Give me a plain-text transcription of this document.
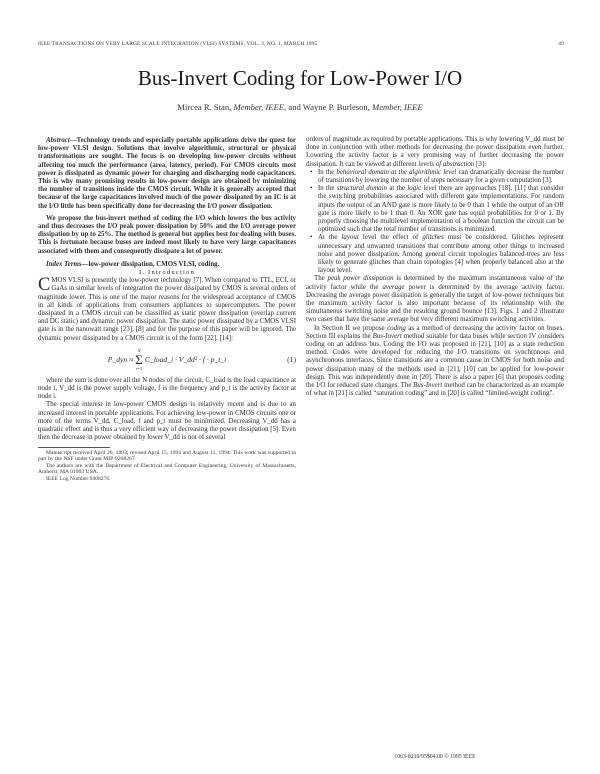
IEEE TRANSACTIONS ON VERY LARGE SCALE INTEGRATION (VLSI) SYSTEMS, VOL. 3, NO. 1, MARCH 1995	49
Bus-Invert Coding for Low-Power I/O
Mircea R. Stan, Member, IEEE, and Wayne P. Burleson, Member, IEEE

Abstract—Technology trends and especially portable applications drive the quest for low-power VLSI design. Solutions that involve algorithmic, structural or physical transformations are sought. The focus is on developing low-power circuits without affecting too much the performance (area, latency, period). For CMOS circuits most power is dissipated as dynamic power for charging and discharging node capacitances. This is why many promising results in low-power design are obtained by minimizing the number of transitions inside the CMOS circuit. While it is generally accepted that because of the large capacitances involved much of the power dissipated by an IC is at the I/O little has been specifically done for decreasing the I/O power dissipation.

We propose the bus-invert method of coding the I/O which lowers the bus activity and thus decreases the I/O peak power dissipation by 50% and the I/O average power dissipation by up to 25%. The method is general but applies best for dealing with buses. This is fortunate because buses are indeed most likely to have very large capacitances associated with them and consequently dissipate a lot of power.

Index Terms—low-power dissipation, CMOS VLSI, coding.

I. Introduction

CMOS VLSI is presently the low-power technology [7]. When compared to TTL, ECL or GaAs in similar levels of integration the power dissipated by CMOS is several orders of magnitude lower. This is one of the major reasons for the widespread acceptance of CMOS in all kinds of applications from consumers appliances to supercomputers. The power dissipated in a CMOS circuit can be classified as static power dissipation (overlap current and DC static) and dynamic power dissipation. The static power dissipated by a CMOS VLSI gate is in the nanowatt range [23], [8] and for the purpose of this paper will be ignored. The dynamic power dissipated by a CMOS circuit is of the form [22], [14]:

P_dyn ≈
N
Σ
i=1
C_load_i · V_dd² · f · p_t_i	(1)

where the sum is done over all the N nodes of the circuit, C_load is the load capacitance at node i, V_dd is the power supply voltage, f is the frequency and p_t is the activity factor at node i.

The special interest in low-power CMOS design is relatively recent and is due to an increased interest in portable applications. For achieving low-power in CMOS circuits one or more of the terms V_dd, C_load, f and p_t must be minimized. Decreasing V_dd has a quadratic effect and is thus a very efficient way of decreasing the power dissipation [5]. Even then the decrease in power obtained by lower V_dd is not of several

Manuscript received April 26, 1993; revised April 15, 1994 and August 11, 1994. This work was supported in part by the NSF under Grant MIP-9208267.

The authors are with the Department of Electrical and Computer Engineering, University of Massachusetts, Amherst, MA 01003 USA.

IEEE Log Number 9408276.

orders of magnitude as required by portable applications. This is why lowering V_dd must be done in conjunction with other methods for decreasing the power dissipation even further. Lowering the activity factor is a very promising way of further decreasing the power dissipation. It can be viewed at different levels of abstraction [3]:

• In the behavioral domain at the algorithmic level can dramatically decrease the number of transitions by lowering the number of steps necessary for a given computation [3].
• In the structural domain at the logic level there are approaches [18], [11] that consider the switching probabilities associated with different gate implementations. For random inputs the output of an AND gate is more likely to be 0 than 1 while the output of an OR gate is more likely to be 1 than 0. An XOR gate has equal probabilities for 0 or 1. By properly choosing the multilevel implementation of a boolean function the circuit can be optimized such that the total number of transitions is minimized.
• At the layout level the effect of glitches must be considered. Glitches represent unnecessary and unwanted transitions that contribute among other things to increased noise and power dissipation. Among general circuit topologies balanced-trees are less likely to generate glitches than chain topologies [4] when properly balanced also at the layout level.

The peak power dissipation is determined by the maximum instantaneous value of the activity factor while the average power is determined by the average activity factor. Decreasing the average power dissipation is generally the target of low-power techniques but the maximum activity factor is also important because of its relationship with the simultaneous switching noise and the resulting ground bounce [13]. Figs. 1 and 2 illustrate two cases that have the same average but very different maximum switching activities.

In Section II we propose coding as a method of decreasing the activity factor on buses. Section III explains the Bus-Invert method suitable for data buses while section IV considers coding on an address bus. Coding the I/O was proposed in [21], [10] as a state reduction method. Codes were developed for reducing the I/O transitions on synchronous and asynchronous interfaces. Since transitions are a common cause in CMOS for both noise and power dissipation many of the methods used in [21], [10] can be applied for low-power design. This was independently done in [20]. There is also a paper [6] that proposes coding the I/O for reduced state changes. The Bus-Invert method can be characterized as an example of what in [21] is called “saturation coding” and in [20] is called “limited-weight coding”.

1063-8210/95$04.00 © 1995 IEEE
